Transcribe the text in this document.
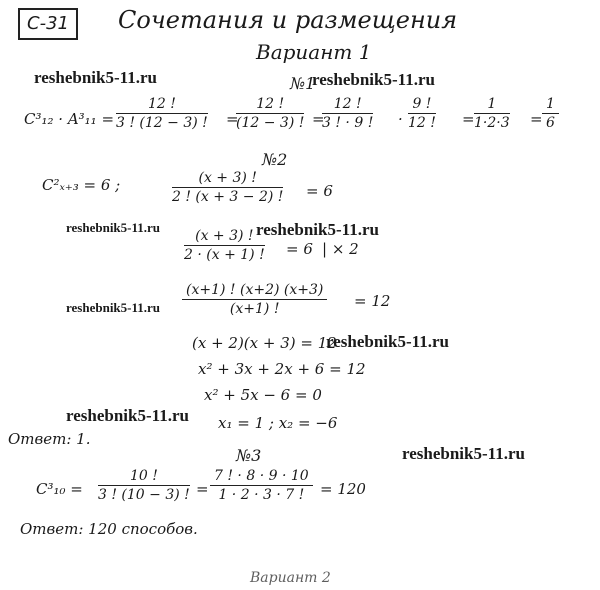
C-31	Сочетания и размещения
Вариант 1
reshebnik5-11.ru	reshebnik5-11.ru
reshebnik5-11.ru	reshebnik5-11.ru
reshebnik5-11.ru
reshebnik5-11.ru
reshebnik5-11.ru
reshebnik5-11.ru
№1
$C^3_{12} \cdot A^3_{11} = \frac{12 !}{3 ! (12 - 3) !}$ =
$\frac{12 !}{(12 - 3) !}$ =
$\frac{12 !}{3 ! \cdot 9 !} \cdot \frac{9 !}{12 !} = \frac{1}{1\cdot 2\cdot 3} = \frac{1}{6}$
№2
C²ₓ₊₃ = 6 ;	$\frac{(x + 3) !}{2 ! (x + 3 - 2) !} = 6$
$\frac{(x + 3) !}{2 \cdot (x + 1) !} = 6$ | × 2
$\frac{(x+1) ! (x+2) (x+3)}{(x+1) !} = 12$
(x + 2)(x + 3) = 12
x² + 3x + 2x + 6 = 12
x² + 5x − 6 = 0
x₁ = 1 ; x₂ = −6
Ответ: 1.
№3
$C^3_{10} = \frac{10 !}{3 ! (10 - 3) !} = \frac{7 ! \cdot 8 \cdot 9 \cdot 10}{1 \cdot 2 \cdot 3 \cdot 7 !} = 120$
Ответ: 120 способов.
Вариант 2
